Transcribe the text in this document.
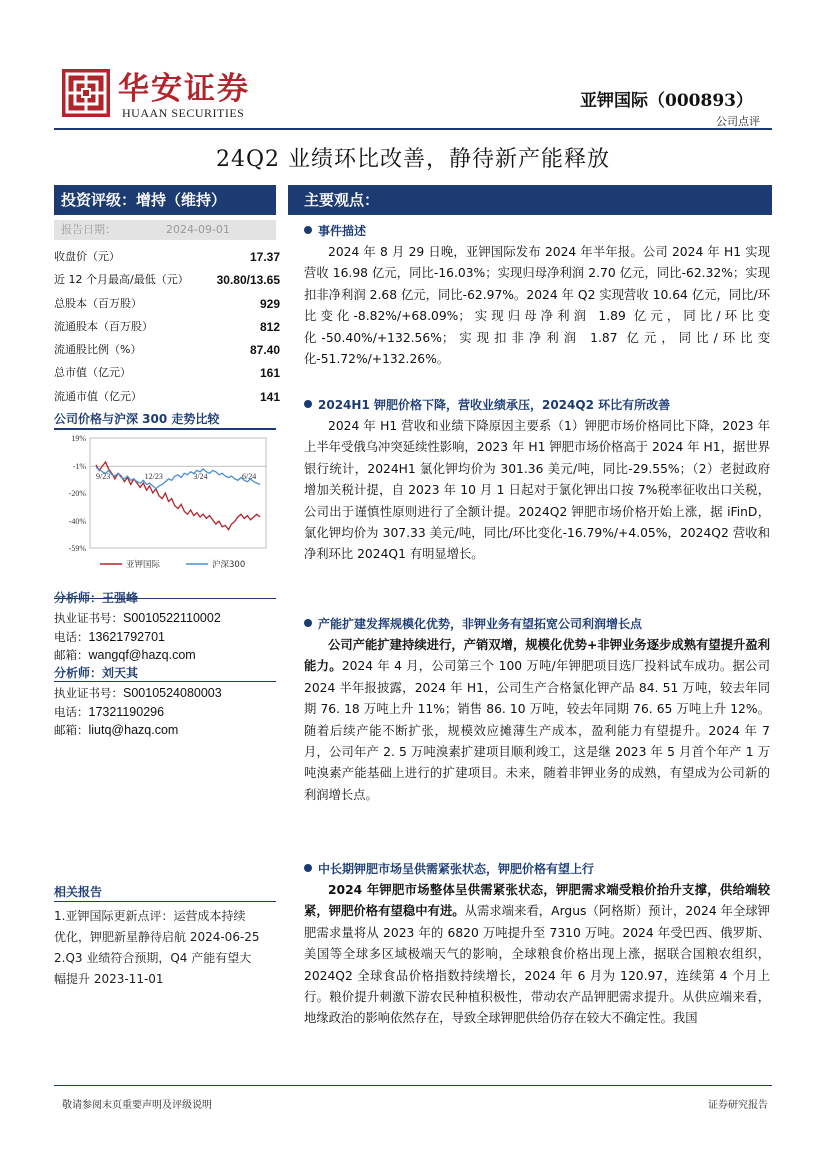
华安证券
HUAAN SECURITIES
亚钾国际（000893）
公司点评
24Q2 业绩环比改善，静待新产能释放
投资评级：增持（维持）
报告日期：	2024-09-01
收盘价（元）	17.37
近 12 个月最高/最低（元） 30.80/13.65
总股本（百万股）	929
流通股本（百万股）	812
流通股比例（%）	87.40
总市值（亿元）	161
流通市值（亿元）	141
公司价格与沪深 300 走势比较
19%
-1%
-20%
-40%
-59%
9/23	12/23	3/24	6/24
亚钾国际	沪深300
分析师：王强峰
执业证书号：S0010522110002
电话：13621792701
邮箱：wangqf@hazq.com
分析师：刘天其
执业证书号：S0010524080003
电话：17321190296
邮箱：liutq@hazq.com
相关报告
1.亚钾国际更新点评：运营成本持续
优化，钾肥新星静待启航 2024-06-25
2.Q3 业绩符合预期，Q4 产能有望大
幅提升 2023-11-01
主要观点：
事件描述

2024 年 8 月 29 日晚，亚钾国际发布 2024 年半年报。公司 2024 年 H1 实现营收 16.98 亿元，同比-16.03%；实现归母净利润 2.70 亿元，同比-62.32%；实现扣非净利润 2.68 亿元，同比-62.97%。2024 年 Q2 实现营收 10.64 亿元，同比/环比变化-8.82%/+68.09%；实现归母净利润 1.89 亿元，同比/环比变化-50.40%/+132.56%；实现扣非净利润 1.87 亿元，同比/环比变化-51.72%/+132.26%。

2024H1 钾肥价格下降，营收业绩承压，2024Q2 环比有所改善

2024 年 H1 营收和业绩下降原因主要系（1）钾肥市场价格同比下降，2023 年上半年受俄乌冲突延续性影响，2023 年 H1 钾肥市场价格高于 2024 年 H1，据世界银行统计，2024H1 氯化钾均价为 301.36 美元/吨，同比-29.55%；（2）老挝政府增加关税计提，自 2023 年 10 月 1 日起对于氯化钾出口按 7%税率征收出口关税，公司出于谨慎性原则进行了全额计提。2024Q2 钾肥市场价格开始上涨，据 iFinD，氯化钾均价为 307.33 美元/吨，同比/环比变化-16.79%/+4.05%，2024Q2 营收和净利环比 2024Q1 有明显增长。

产能扩建发挥规模化优势，非钾业务有望拓宽公司利润增长点

公司产能扩建持续进行，产销双增，规模化优势+非钾业务逐步成熟有望提升盈利能力。2024 年 4 月，公司第三个 100 万吨/年钾肥项目选厂投料试车成功。据公司 2024 半年报披露，2024 年 H1，公司生产合格氯化钾产品 84. 51 万吨，较去年同期 76. 18 万吨上升 11%；销售 86. 10 万吨，较去年同期 76. 65 万吨上升 12%。随着后续产能不断扩张，规模效应摊薄生产成本，盈利能力有望提升。2024 年 7 月，公司年产 2. 5 万吨溴素扩建项目顺利竣工，这是继 2023 年 5 月首个年产 1 万吨溴素产能基础上进行的扩建项目。未来，随着非钾业务的成熟，有望成为公司新的利润增长点。

中长期钾肥市场呈供需紧张状态，钾肥价格有望上行

2024 年钾肥市场整体呈供需紧张状态，钾肥需求端受粮价抬升支撑，供给端较紧，钾肥价格有望稳中有进。从需求端来看，Argus（阿格斯）预计，2024 年全球钾肥需求量将从 2023 年的 6820 万吨提升至 7310 万吨。2024 年受巴西、俄罗斯、美国等全球多区域极端天气的影响，全球粮食价格出现上涨，据联合国粮农组织，2024Q2 全球食品价格指数持续增长，2024 年 6 月为 120.97，连续第 4 个月上行。粮价提升刺激下游农民种植积极性，带动农产品钾肥需求提升。从供应端来看，地缘政治的影响依然存在，导致全球钾肥供给仍存在较大不确定性。我国

敬请参阅末页重要声明及评级说明	证券研究报告
